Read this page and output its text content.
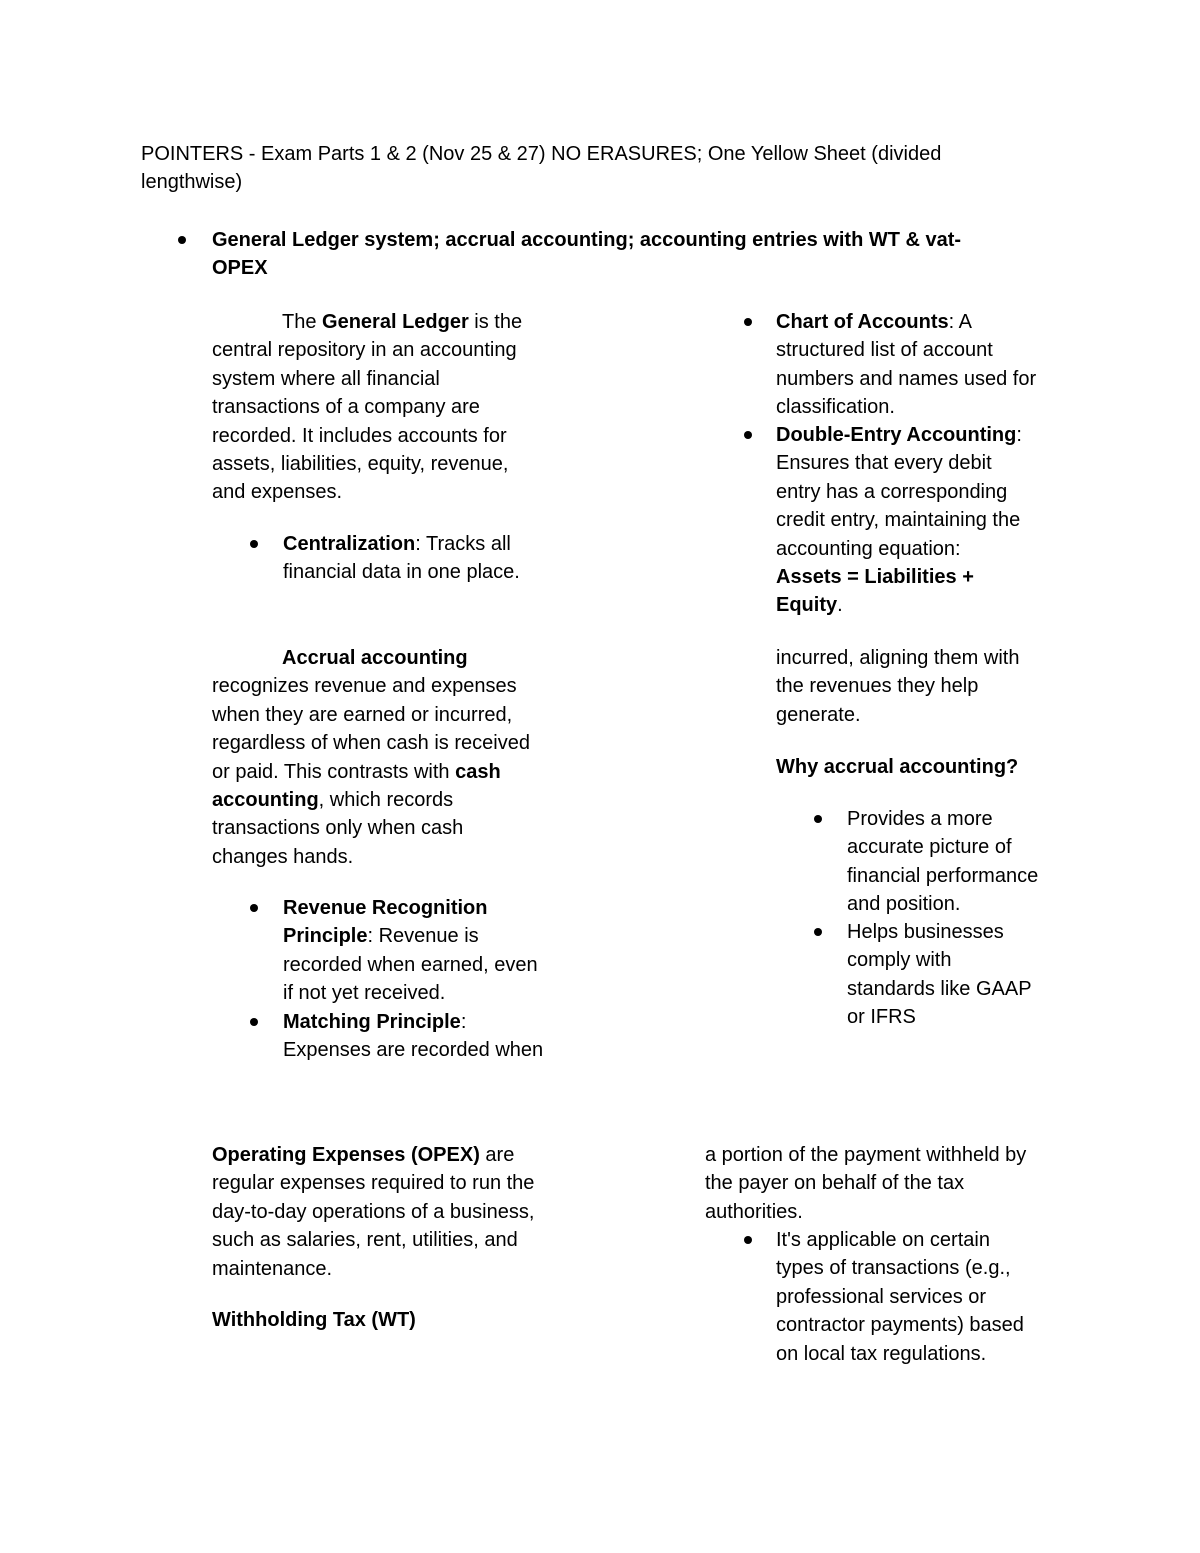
POINTERS - Exam Parts 1 & 2 (Nov 25 & 27) NO ERASURES; One Yellow Sheet (divided
lengthwise)

General Ledger system; accrual accounting; accounting entries with WT & vat-
OPEX

The General Ledger is the
central repository in an accounting
system where all financial
transactions of a company are
recorded. It includes accounts for
assets, liabilities, equity, revenue,
and expenses.

Centralization: Tracks all
financial data in one place.

Accrual accounting
recognizes revenue and expenses
when they are earned or incurred,
regardless of when cash is received
or paid. This contrasts with cash
accounting, which records
transactions only when cash
changes hands.

Revenue Recognition
Principle: Revenue is
recorded when earned, even
if not yet received.

Matching Principle:
Expenses are recorded when

Chart of Accounts: A
structured list of account
numbers and names used for
classification.

Double-Entry Accounting:
Ensures that every debit
entry has a corresponding
credit entry, maintaining the
accounting equation:
Assets = Liabilities +
Equity.

incurred, aligning them with
the revenues they help
generate.

Why accrual accounting?

Provides a more
accurate picture of
financial performance
and position.

Helps businesses
comply with
standards like GAAP
or IFRS

Operating Expenses (OPEX) are
regular expenses required to run the
day-to-day operations of a business,
such as salaries, rent, utilities, and
maintenance.

Withholding Tax (WT)

a portion of the payment withheld by
the payer on behalf of the tax
authorities.

It's applicable on certain
types of transactions (e.g.,
professional services or
contractor payments) based
on local tax regulations.
